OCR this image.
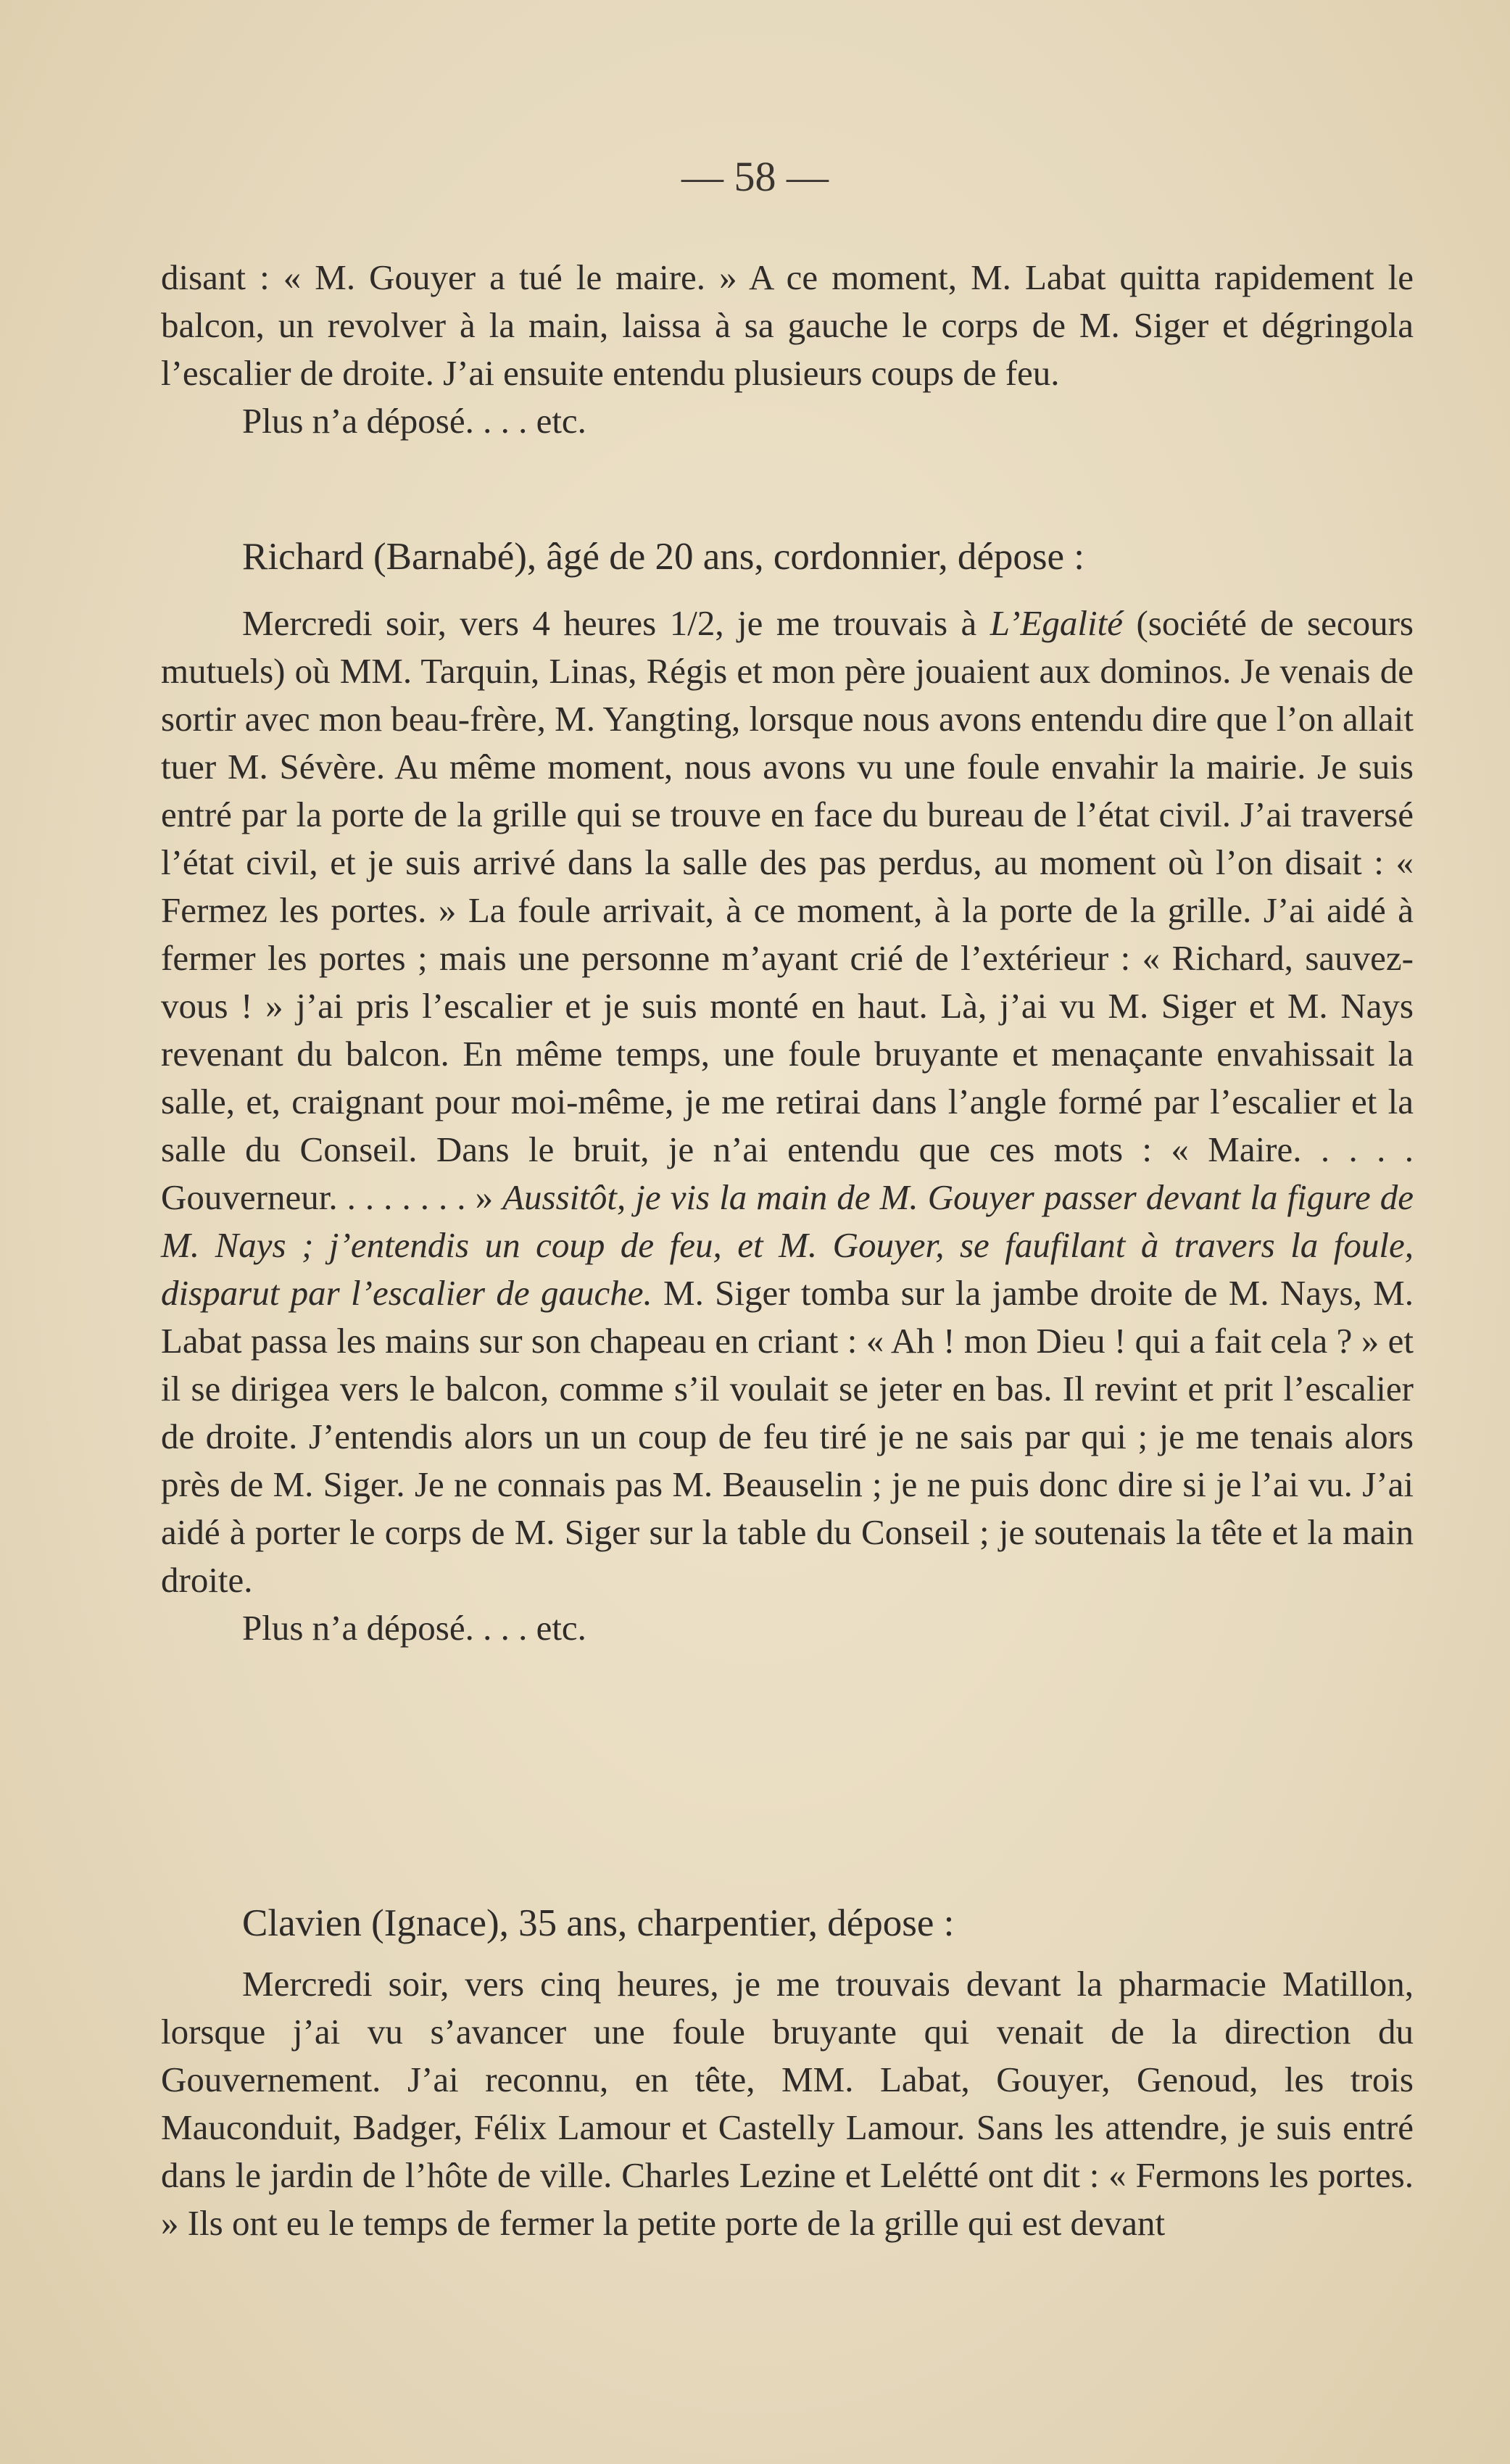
— 58 —

disant : « M. Gouyer a tué le maire. » A ce moment, M. Labat quitta rapidement le balcon, un revolver à la main, laissa à sa gauche le corps de M. Siger et dégringola l’escalier de droite. J’ai ensuite entendu plusieurs coups de feu.

Plus n’a déposé. . . . etc.

Richard (Barnabé), âgé de 20 ans, cordonnier, dépose :

Mercredi soir, vers 4 heures 1/2, je me trouvais à L’Egalité (société de secours mutuels) où MM. Tarquin, Linas, Régis et mon père jouaient aux dominos. Je venais de sortir avec mon beau-frère, M. Yangting, lorsque nous avons entendu dire que l’on allait tuer M. Sévère. Au même moment, nous avons vu une foule envahir la mairie. Je suis entré par la porte de la grille qui se trouve en face du bureau de l’état civil. J’ai traversé l’état civil, et je suis arrivé dans la salle des pas perdus, au moment où l’on disait : « Fermez les portes. » La foule arrivait, à ce moment, à la porte de la grille. J’ai aidé à fermer les portes ; mais une personne m’ayant crié de l’extérieur : « Richard, sauvez-vous ! » j’ai pris l’escalier et je suis monté en haut. Là, j’ai vu M. Siger et M. Nays revenant du balcon. En même temps, une foule bruyante et menaçante envahissait la salle, et, craignant pour moi-même, je me retirai dans l’angle formé par l’escalier et la salle du Conseil. Dans le bruit, je n’ai entendu que ces mots : « Maire. . . . . Gouverneur. . . . . . . . » Aussitôt, je vis la main de M. Gouyer passer devant la figure de M. Nays ; j’entendis un coup de feu, et M. Gouyer, se faufilant à travers la foule, disparut par l’escalier de gauche. M. Siger tomba sur la jambe droite de M. Nays, M. Labat passa les mains sur son chapeau en criant : « Ah ! mon Dieu ! qui a fait cela ? » et il se dirigea vers le balcon, comme s’il voulait se jeter en bas. Il revint et prit l’escalier de droite. J’entendis alors un un coup de feu tiré je ne sais par qui ; je me tenais alors près de M. Siger. Je ne connais pas M. Beauselin ; je ne puis donc dire si je l’ai vu. J’ai aidé à porter le corps de M. Siger sur la table du Conseil ; je soutenais la tête et la main droite.

Plus n’a déposé. . . . etc.

Clavien (Ignace), 35 ans, charpentier, dépose :

Mercredi soir, vers cinq heures, je me trouvais devant la pharmacie Matillon, lorsque j’ai vu s’avancer une foule bruyante qui venait de la direction du Gouvernement. J’ai reconnu, en tête, MM. Labat, Gouyer, Genoud, les trois Mauconduit, Badger, Félix Lamour et Castelly Lamour. Sans les attendre, je suis entré dans le jardin de l’hôte de ville. Charles Lezine et Lelétté ont dit : « Fermons les portes. » Ils ont eu le temps de fermer la petite porte de la grille qui est devant
